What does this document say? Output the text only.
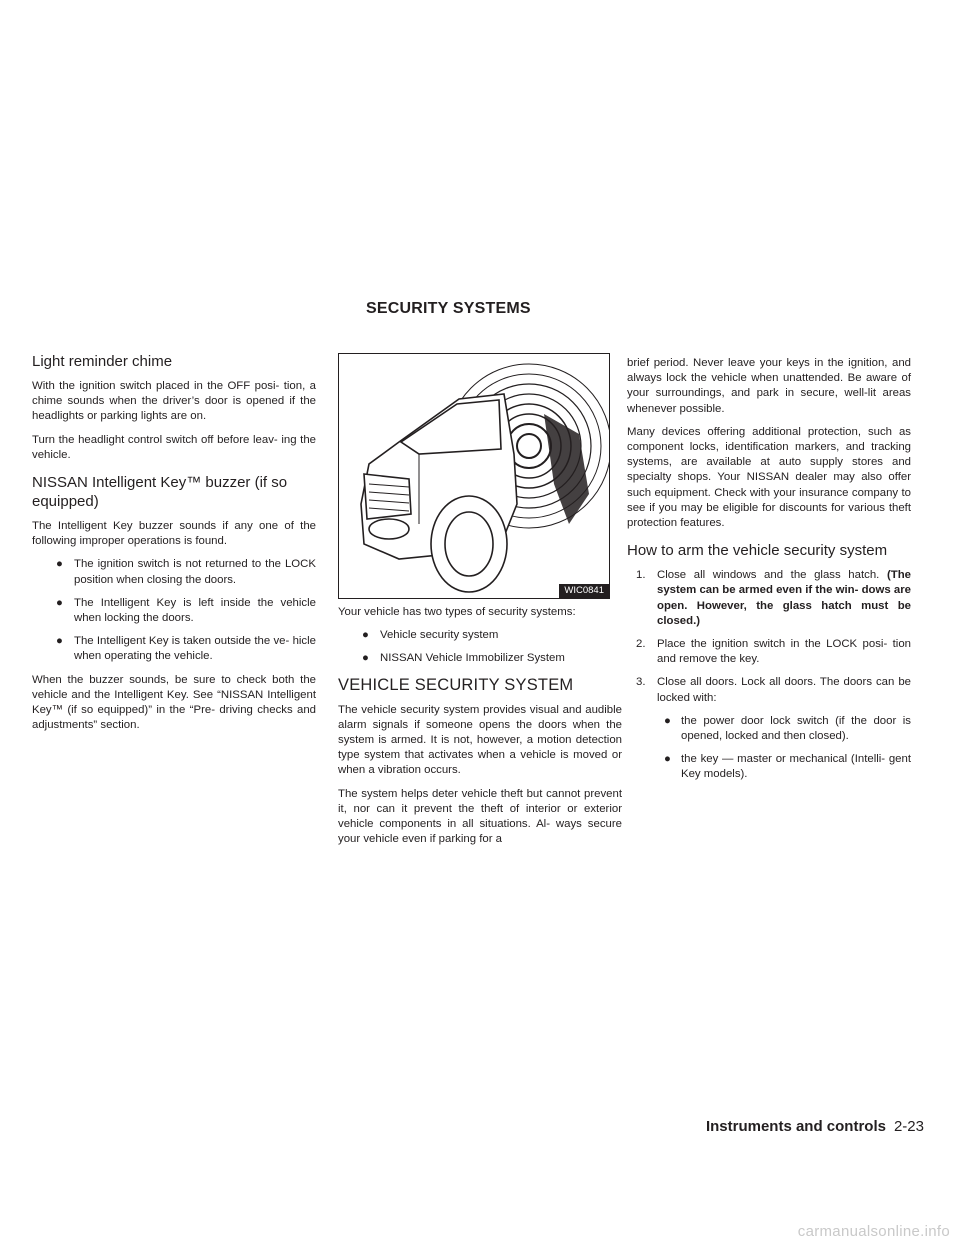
SECURITY SYSTEMS
Light reminder chime

With the ignition switch placed in the OFF posi- tion, a chime sounds when the driver’s door is opened if the headlights or parking lights are on.

Turn the headlight control switch off before leav- ing the vehicle.

NISSAN Intelligent Key™ buzzer (if so equipped)

The Intelligent Key buzzer sounds if any one of the following improper operations is found.

● The ignition switch is not returned to the LOCK position when closing the doors.
● The Intelligent Key is left inside the vehicle when locking the doors.
● The Intelligent Key is taken outside the ve- hicle when operating the vehicle.

When the buzzer sounds, be sure to check both the vehicle and the Intelligent Key. See “NISSAN Intelligent Key™ (if so equipped)” in the “Pre- driving checks and adjustments” section.

WIC0841

Your vehicle has two types of security systems:

● Vehicle security system
● NISSAN Vehicle Immobilizer System
VEHICLE SECURITY SYSTEM

The vehicle security system provides visual and audible alarm signals if someone opens the doors when the system is armed. It is not, however, a motion detection type system that activates when a vehicle is moved or when a vibration occurs.

The system helps deter vehicle theft but cannot prevent it, nor can it prevent the theft of interior or exterior vehicle components in all situations. Al- ways secure your vehicle even if parking for a

brief period. Never leave your keys in the ignition, and always lock the vehicle when unattended. Be aware of your surroundings, and park in secure, well-lit areas whenever possible.

Many devices offering additional protection, such as component locks, identification markers, and tracking systems, are available at auto supply stores and specialty shops. Your NISSAN dealer may also offer such equipment. Check with your insurance company to see if you may be eligible for discounts for various theft protection features.

How to arm the vehicle security system
1. Close all windows and the glass hatch. (The system can be armed even if the win- dows are open. However, the glass hatch must be closed.)
2. Place the ignition switch in the LOCK posi- tion and remove the key.
3. Close all doors. Lock all doors. The doors can be locked with:
● the power door lock switch (if the door is opened, locked and then closed).
● the key — master or mechanical (Intelli- gent Key models).
Instruments and controls 2-23
carmanualsonline.info
